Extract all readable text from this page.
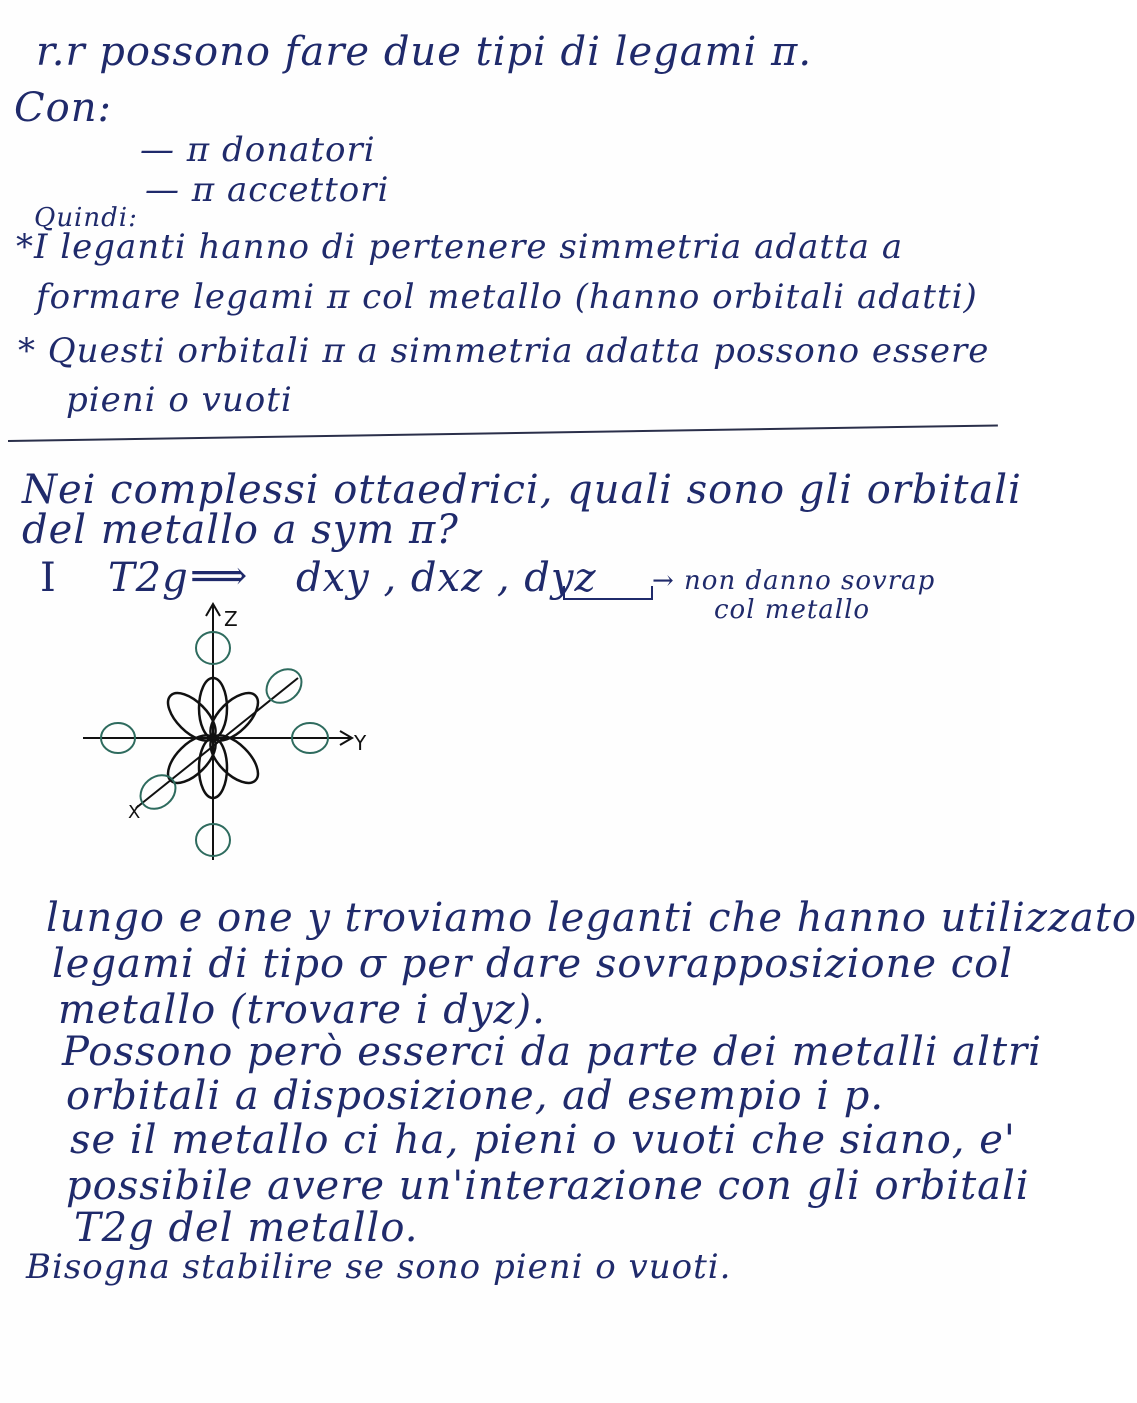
r.r possono fare due tipi di legami π.
Con:
— π donatori
— π accettori
Quindi:
*I leganti hanno di pertenere simmetria adatta a
formare legami π col metallo (hanno orbitali adatti)
* Questi orbitali π a simmetria adatta possono essere
pieni o vuoti
Nei complessi ottaedrici, quali sono gli orbitali
del metallo a sym π?
I T2g ⟹ dxy , dxz , dyz → non danno sovrap
col metallo
Z
Y
X
lungo e one y troviamo leganti che hanno utilizzato
legami di tipo σ per dare sovrapposizione col
metallo (trovare i dyz).
Possono però esserci da parte dei metalli altri
orbitali a disposizione, ad esempio i p.
se il metallo ci ha, pieni o vuoti che siano, e'
possibile avere un'interazione con gli orbitali
T2g del metallo.
Bisogna stabilire se sono pieni o vuoti.
